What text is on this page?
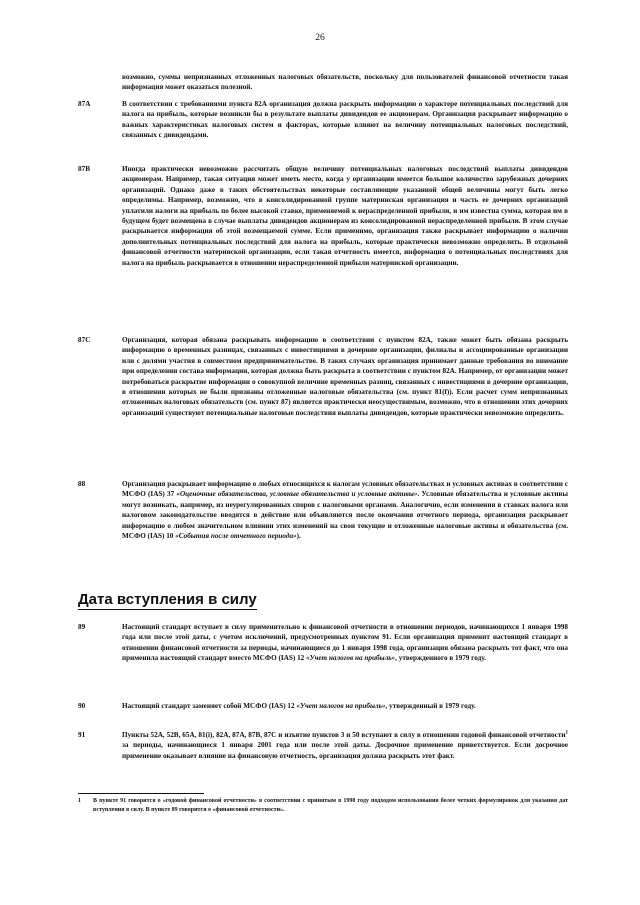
26
возможно, суммы непризнанных отложенных налоговых обязательств, поскольку для пользователей финансовой отчетности такая информация может оказаться полезной.
87A	В соответствии с требованиями пункта 82А организация должна раскрыть информацию о характере потенциальных последствий для налога на прибыль, которые возникли бы в результате выплаты дивидендов ее акционерам. Организация раскрывает информацию о важных характеристиках налоговых систем и факторах, которые влияют на величину потенциальных налоговых последствий, связанных с дивидендами.
87B	Иногда практически невозможно рассчитать общую величину потенциальных налоговых последствий выплаты дивидендов акционерам. Например, такая ситуация может иметь место, когда у организации имеется большое количество зарубежных дочерних организаций. Однако даже в таких обстоятельствах некоторые составляющие указанной общей величины могут быть легко определимы. Например, возможно, что в консолидированной группе материнская организация и часть ее дочерних организаций уплатили налоги на прибыль по более высокой ставке, применяемой к нераспределенной прибыли, и им известна сумма, которая им в будущем будет возмещена в случае выплаты дивидендов акционерам из консолидированной нераспределенной прибыли. В этом случае раскрывается информация об этой возмещаемой сумме. Если применимо, организация также раскрывает информацию о наличии дополнительных потенциальных последствий для налога на прибыль, которые практически невозможно определить. В отдельной финансовой отчетности материнской организации, если такая отчетность имеется, информация о потенциальных последствиях для налога на прибыль раскрывается в отношении нераспределенной прибыли материнской организации.
87C	Организация, которая обязана раскрывать информацию в соответствии с пунктом 82А, также может быть обязана раскрыть информацию о временных разницах, связанных с инвестициями в дочерние организации, филиалы и ассоциированные организации или с долями участия в совместном предпринимательстве. В таких случаях организация принимает данные требования во внимание при определении состава информации, которая должна быть раскрыта в соответствии с пунктом 82А. Например, от организации может потребоваться раскрытие информации о совокупной величине временных разниц, связанных с инвестициями в дочерние организации, в отношении которых не были признаны отложенные налоговые обязательства (см. пункт 81(f)). Если расчет сумм непризнанных отложенных налоговых обязательств (см. пункт 87) является практически неосуществимым, возможно, что в отношении этих дочерних организаций существуют потенциальные налоговые последствия выплаты дивидендов, которые практически невозможно определить.
88	Организация раскрывает информацию о любых относящихся к налогам условных обязательствах и условных активах в соответствии с МСФО (IAS) 37 «Оценочные обязательства, условные обязательства и условные активы». Условные обязательства и условные активы могут возникать, например, из неурегулированных споров с налоговыми органами. Аналогично, если изменения в ставках налога или налоговом законодательстве вводятся в действие или объявляются после окончания отчетного периода, организация раскрывает информацию о любом значительном влиянии этих изменений на свои текущие и отложенные налоговые активы и обязательства (см. МСФО (IAS) 10 «События после отчетного периода»).
Дата вступления в силу
89	Настоящий стандарт вступает в силу применительно к финансовой отчетности в отношении периодов, начинающихся 1 января 1998 года или после этой даты, с учетом исключений, предусмотренных пунктом 91. Если организация применит настоящий стандарт в отношении финансовой отчетности за периоды, начинающиеся до 1 января 1998 года, организация обязана раскрыть тот факт, что она применила настоящий стандарт вместо МСФО (IAS) 12 «Учет налогов на прибыль», утвержденного в 1979 году.
90	Настоящий стандарт заменяет собой МСФО (IAS) 12 «Учет налогов на прибыль», утвержденный в 1979 году.
91	Пункты 52А, 52В, 65А, 81(i), 82А, 87А, 87В, 87С и изъятие пунктов 3 и 50 вступают в силу в отношении годовой финансовой отчетности$^1$ за периоды, начинающиеся 1 января 2001 года или после этой даты. Досрочное применение приветствуется. Если досрочное применение оказывает влияние на финансовую отчетность, организация должна раскрыть этот факт.
1 В пункте 91 говорится о «годовой финансовой отчетности» в соответствии с принятым в 1998 году подходом использования более четких формулировок для указания дат вступления в силу. В пункте 89 говорится о «финансовой отчетности».
